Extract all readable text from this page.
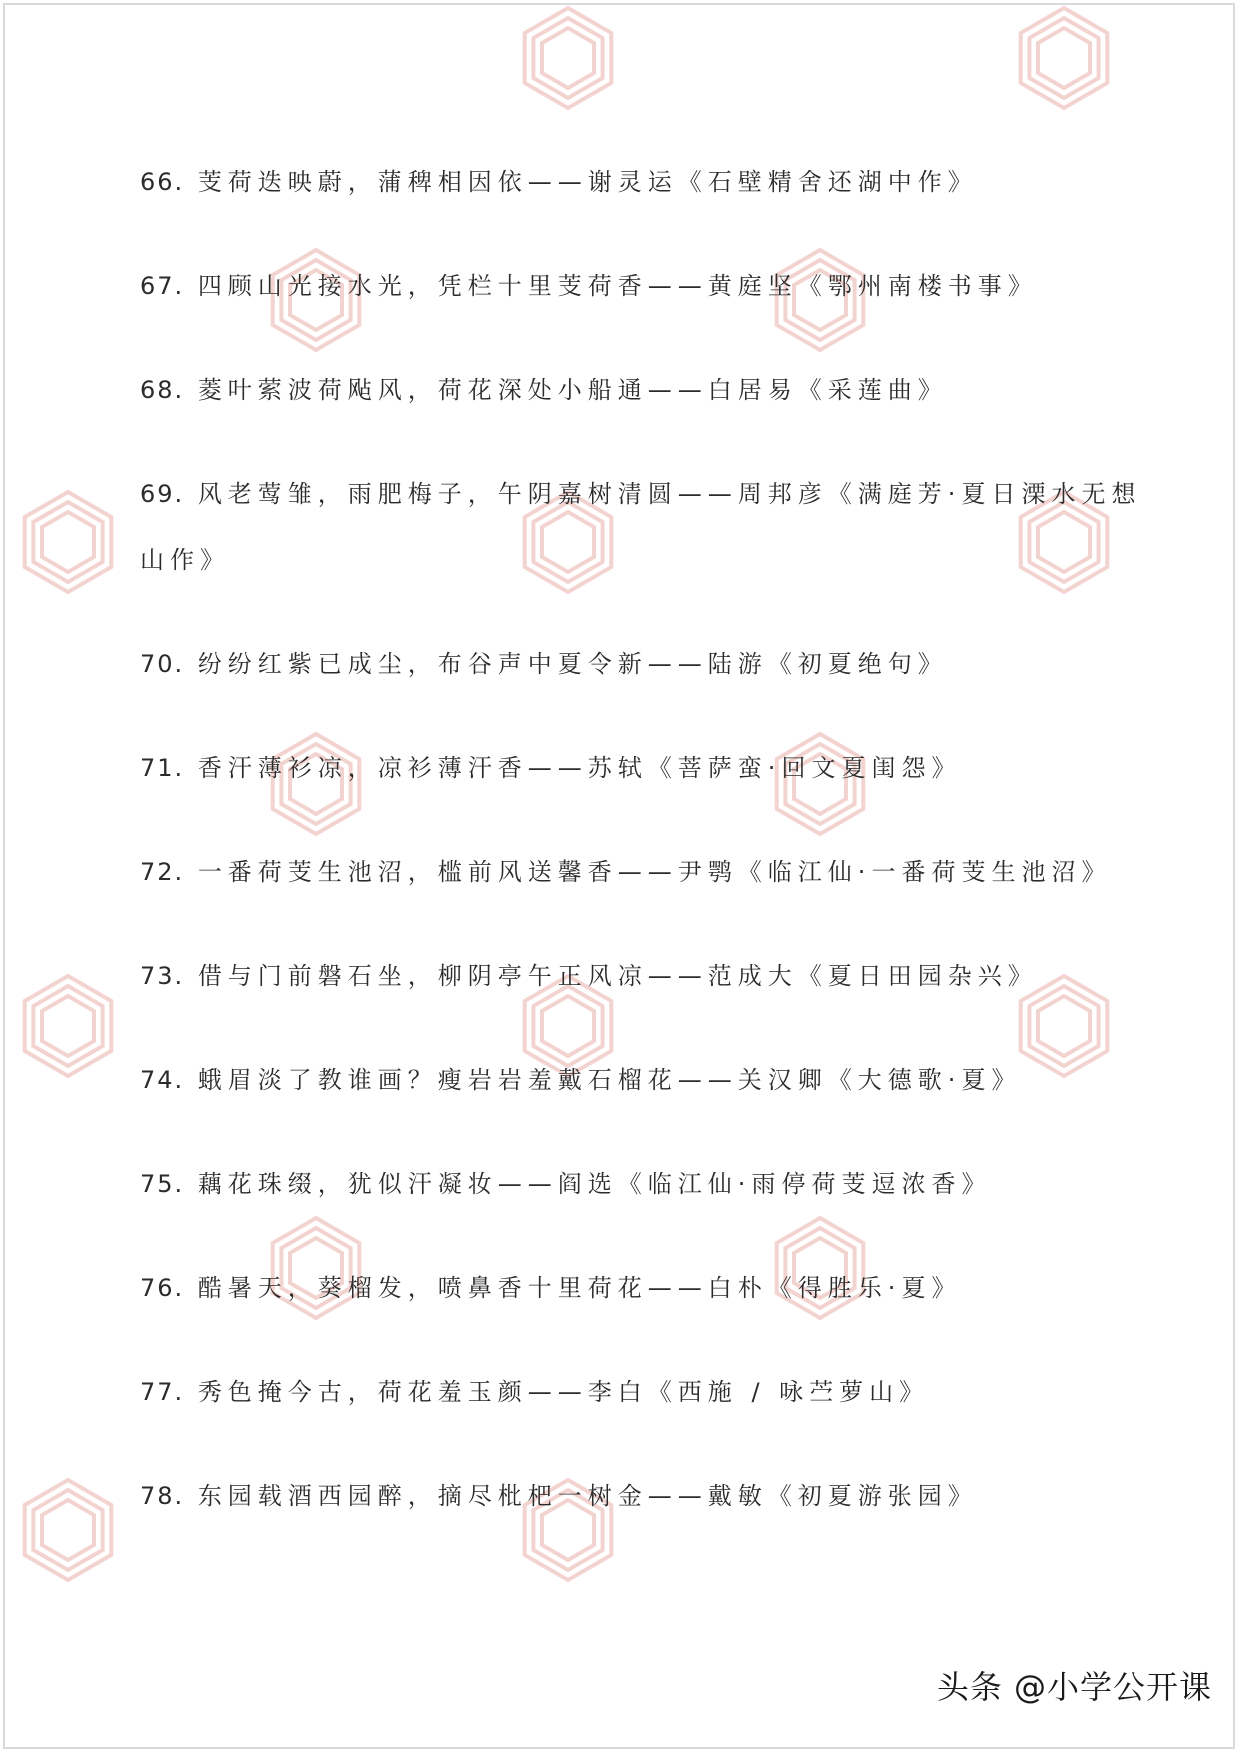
66. 芰荷迭映蔚，蒲稗相因依——谢灵运《石壁精舍还湖中作》
67. 四顾山光接水光，凭栏十里芰荷香——黄庭坚《鄂州南楼书事》
68. 菱叶萦波荷飐风，荷花深处小船通——白居易《采莲曲》
69. 风老莺雏，雨肥梅子，午阴嘉树清圆——周邦彦《满庭芳·夏日溧水无想
山作》
70. 纷纷红紫已成尘，布谷声中夏令新——陆游《初夏绝句》
71. 香汗薄衫凉，凉衫薄汗香——苏轼《菩萨蛮·回文夏闺怨》
72. 一番荷芰生池沼，槛前风送馨香——尹鹗《临江仙·一番荷芰生池沼》
73. 借与门前磐石坐，柳阴亭午正风凉——范成大《夏日田园杂兴》
74. 蛾眉淡了教谁画？瘦岩岩羞戴石榴花——关汉卿《大德歌·夏》
75. 藕花珠缀，犹似汗凝妆——阎选《临江仙·雨停荷芰逗浓香》
76. 酷暑天，葵榴发，喷鼻香十里荷花——白朴《得胜乐·夏》
77. 秀色掩今古，荷花羞玉颜——李白《西施 / 咏苎萝山》
78. 东园载酒西园醉，摘尽枇杷一树金——戴敏《初夏游张园》
头条 @小学公开课
